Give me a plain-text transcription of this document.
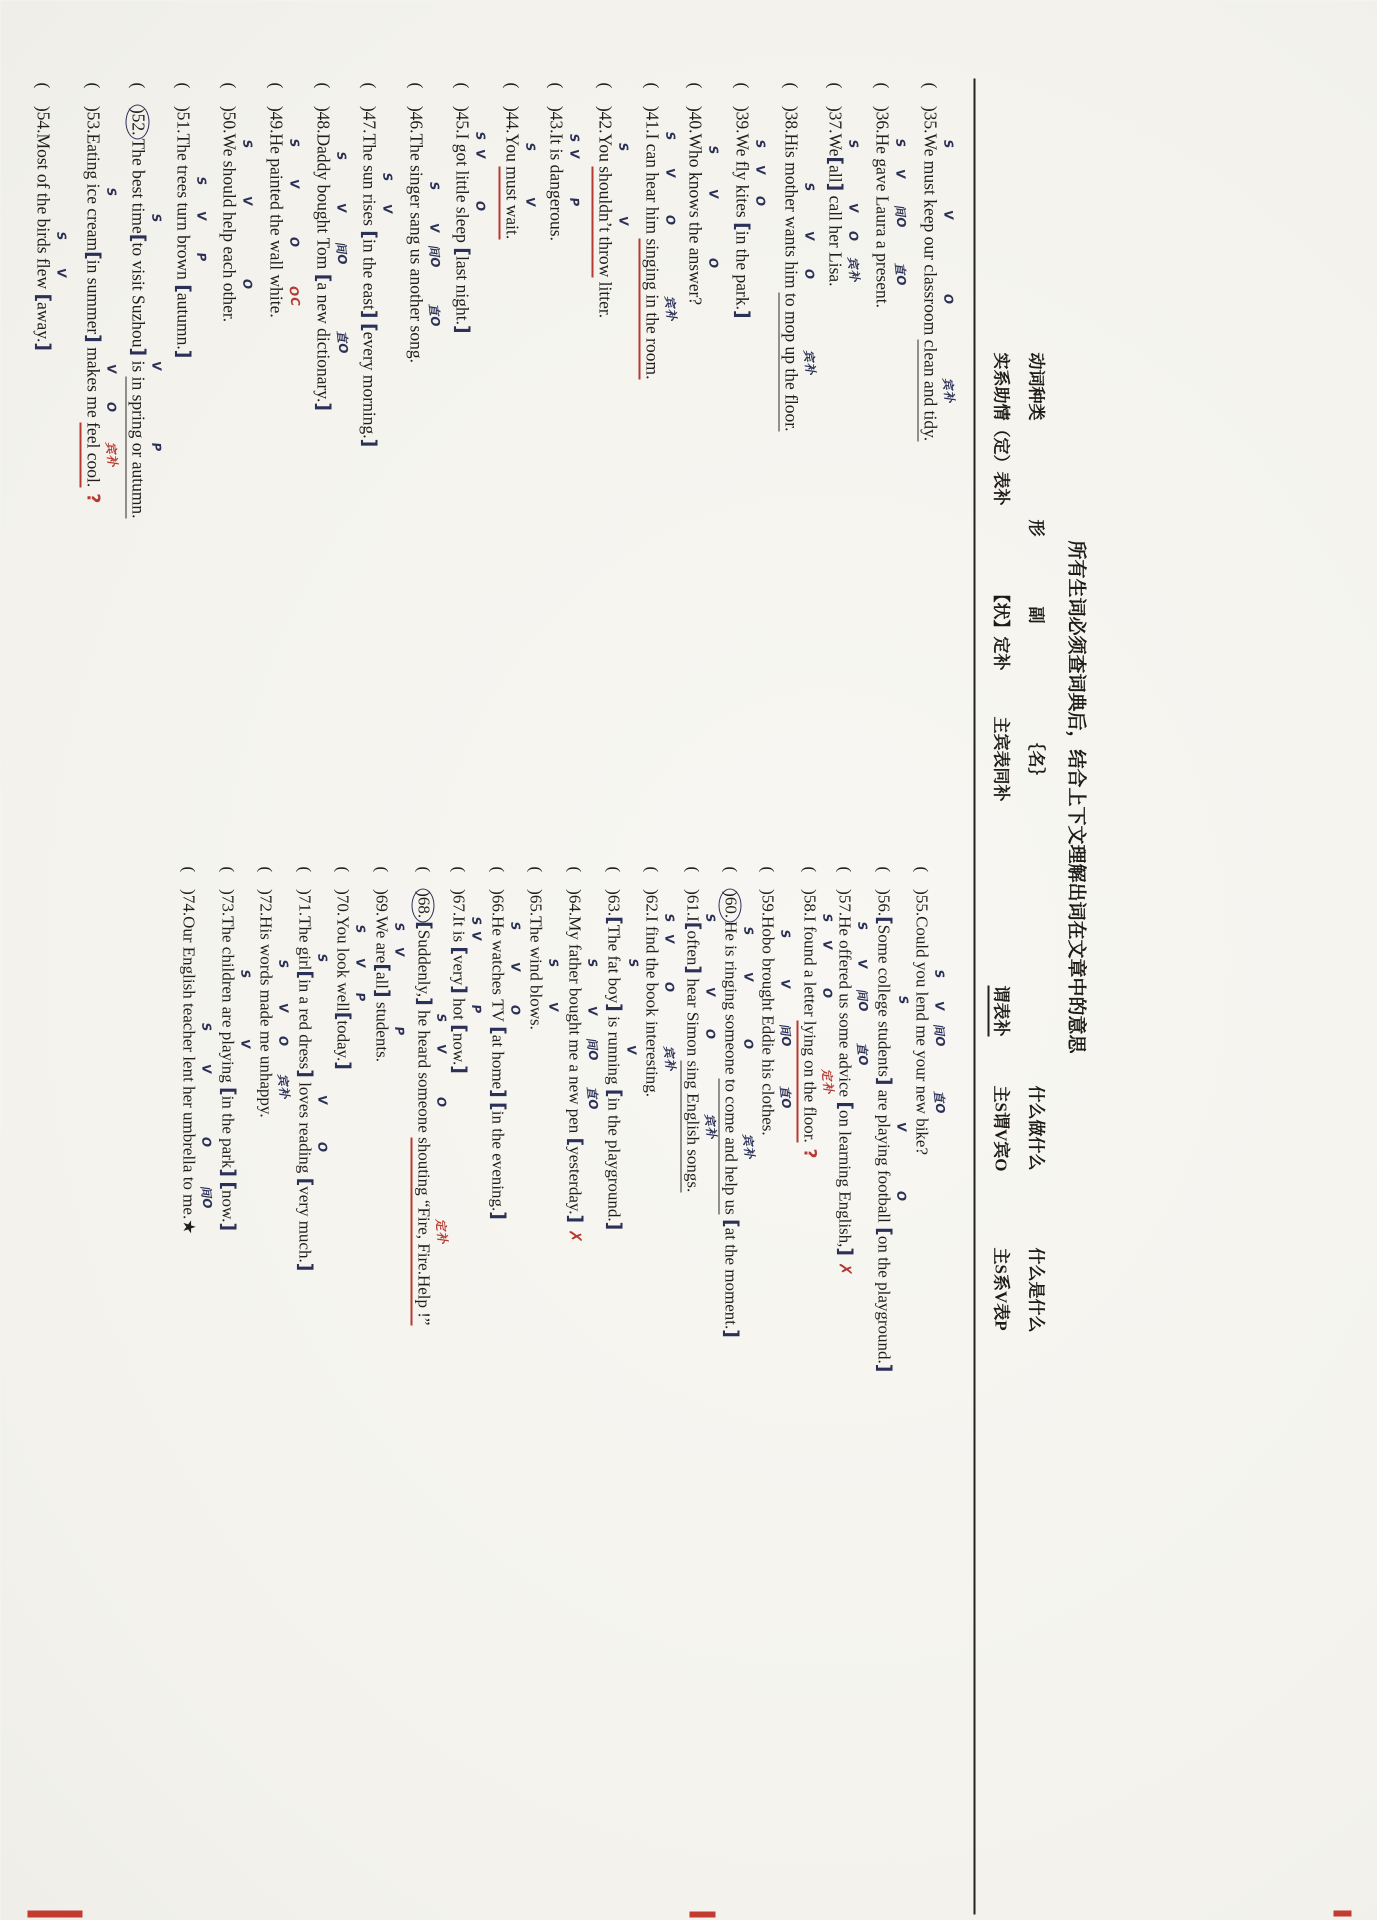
所有生词必须查词典后，结合上下文理解出词在文章中的意思
动词种类
形
副
｛名｝
什么做什么
什么是什么
实系助情（定）表补
【状】定补
主宾表同补
谓表补
主S谓V宾O
主S系V表P
(    )35.We S
must keep V
our classroom O
clean and tidy. 宾补
(    )36.He S
gave V
Laura 间O
a present. 直O
(    )37.We S
[all] call V
her O
Lisa. 宾补
(    )38.His mother S
wants V
him O
to mop up the floor. 宾补
(    )39.We S
fly V
kites O
[in the park.]
(    )40.Who S
knows V
the answer? O
(    )41.I S
can hear V
him O
singing in the room. 宾补
(    )42.You S
shouldn’t throw V
litter.
(    )43.It S
is V
dangerous. P
(    )44.You S
must wait. V
(    )45.I S
got V
little sleep O
[last night.]
(    )46.The singer S
sang V
us 间O
another song. 直O
(    )47.The sun S
rises V
[in the east] [every morning.]
(    )48.Daddy S
bought V
Tom 间O
[a new dictionary.]
直O
(    )49.He S
painted V
the wall O
white. OC
(    )50.We S
should help V
each other. O
(    )51.The trees S
turn V
brown P
[autumn.]
(    )52.The best time S
[to visit Suzhou] is V
in spring or autumn. P
(    )53.Eating ice cream S
[in summer] makes V
me O
feel cool. 宾补
?
(    )54.Most of the birds S
flew V
[away.]
(    )55.Could you S
lend V
me 间O
your new bike? 直O
(    )56.[Some college students]
S
are playing V
football O
[on the playground.]
(    )57.He S
offered V
us 间O
some advice 直O
[on learning English,] ✗
(    )58.I S
found V
a letter O
lying on the floor. 定补
?
(    )59.Hobo S
brought V
Eddie 间O
his clothes. 直O
(    )60.He S
is ringing V
someone O
to come and help us 宾补
[at the moment.]
(    )61.I S
[often] hear V
Simon O
sing English songs. 宾补
(    )62.I S
find V
the book O
interesting. 宾补
(    )63.[The fat boy]
S
is running V
[in the playground.]
(    )64.My father S
bought V
me 间O
a new pen 直O
[yesterday.] ✗
(    )65.The wind S
blows. V
(    )66.He S
watches V
TV O
[at home] [in the evening.]
(    )67.It S
is V
[very] hot P
[now.]
(    )68.[Suddenly,] he S
heard V
someone O
shouting “Fire, Fire.Help !” 定补
(    )69.We S
are V
[all] students. P
(    )70.You S
look V
well P
[today.]
(    )71.The girl S
[in a red dress] loves V
reading O
[very much.]
(    )72.His words S
made V
me O
unhappy. 宾补
(    )73.The children S
are playing V
[in the park] [now.]
(    )74.Our English teacher S
lent V
her umbrella O
to me. 间O
★
